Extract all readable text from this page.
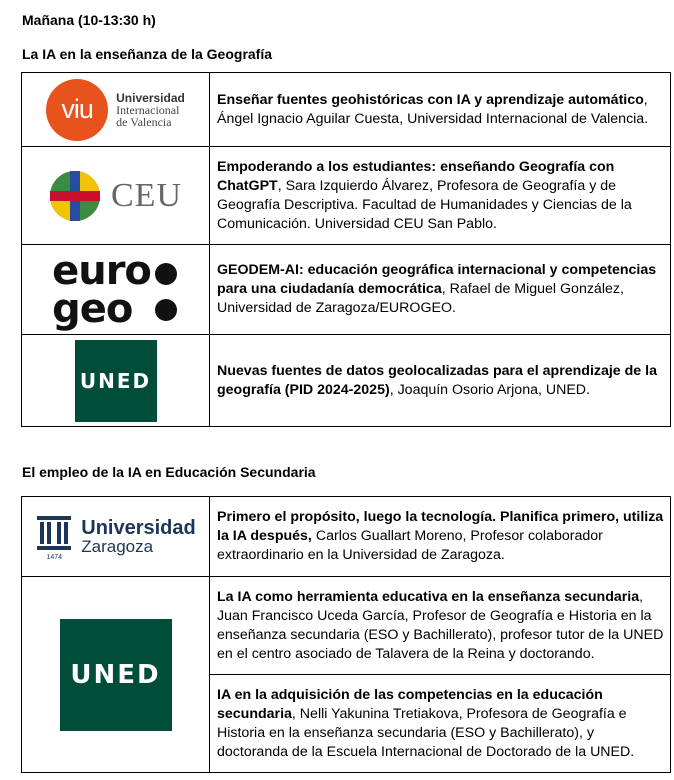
Mañana (10-13:30 h)
La IA en la enseñanza de la Geografía
viu Universidad
Internacional
de Valencia	Enseñar fuentes geohistóricas con IA y aprendizaje automático, Ángel Ignacio Aguilar Cuesta, Universidad Internacional de Valencia.

CEU	Empoderando a los estudiantes: enseñando Geografía con ChatGPT, Sara Izquierdo Álvarez, Profesora de Geografía y de Geografía Descriptiva. Facultad de Humanidades y Ciencias de la Comunicación. Universidad CEU San Pablo.

euro
geo	GEODEM-AI: educación geográfica internacional y competencias para una ciudadanía democrática, Rafael de Miguel González, Universidad de Zaragoza/EUROGEO.

UNED	Nuevas fuentes de datos geolocalizadas para el aprendizaje de la geografía (PID 2024-2025), Joaquín Osorio Arjona, UNED.
El empleo de la IA en Educación Secundaria
1474
Universidad
Zaragoza	Primero el propósito, luego la tecnología. Planifica primero, utiliza la IA después, Carlos Guallart Moreno, Profesor colaborador extraordinario en la Universidad de Zaragoza.

UNED	La IA como herramienta educativa en la enseñanza secundaria, Juan Francisco Uceda García, Profesor de Geografía e Historia en la enseñanza secundaria (ESO y Bachillerato), profesor tutor de la UNED en el centro asociado de Talavera de la Reina y doctorando.
	IA en la adquisición de las competencias en la educación secundaria, Nelli Yakunina Tretiakova, Profesora de Geografía e Historia en la enseñanza secundaria (ESO y Bachillerato), y doctoranda de la Escuela Internacional de Doctorado de la UNED.
